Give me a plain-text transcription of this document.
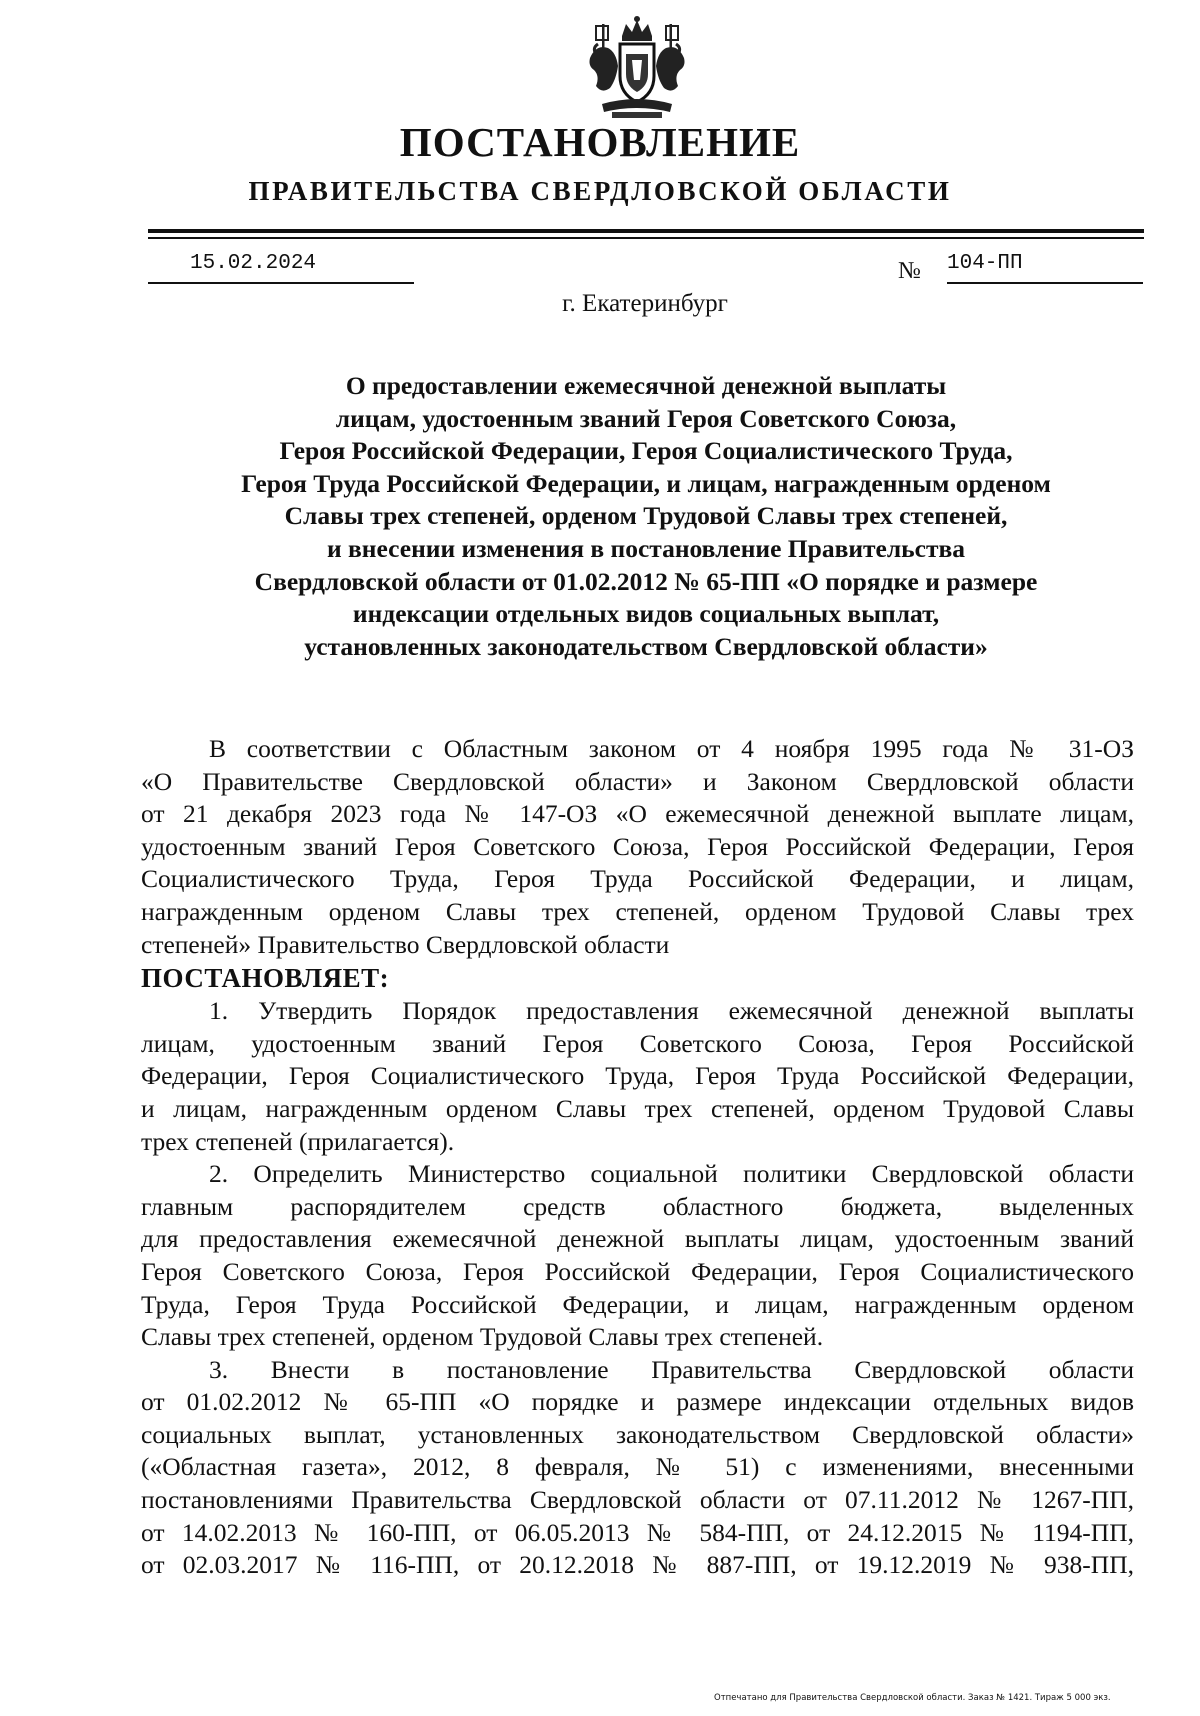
ПОСТАНОВЛЕНИЕ
ПРАВИТЕЛЬСТВА СВЕРДЛОВСКОЙ ОБЛАСТИ
15.02.2024	№ 104-ПП
г. Екатеринбург
О предоставлении ежемесячной денежной выплаты
лицам, удостоенным званий Героя Советского Союза,
Героя Российской Федерации, Героя Социалистического Труда,
Героя Труда Российской Федерации, и лицам, награжденным орденом
Славы трех степеней, орденом Трудовой Славы трех степеней,
и внесении изменения в постановление Правительства
Свердловской области от 01.02.2012 № 65-ПП «О порядке и размере
индексации отдельных видов социальных выплат,
установленных законодательством Свердловской области»
В соответствии с Областным законом от 4 ноября 1995 года № 31-ОЗ
«О Правительстве Свердловской области» и Законом Свердловской области
от 21 декабря 2023 года № 147-ОЗ «О ежемесячной денежной выплате лицам,
удостоенным званий Героя Советского Союза, Героя Российской Федерации, Героя
Социалистического Труда, Героя Труда Российской Федерации, и лицам,
награжденным орденом Славы трех степеней, орденом Трудовой Славы трех
степеней» Правительство Свердловской области
ПОСТАНОВЛЯЕТ:
1. Утвердить Порядок предоставления ежемесячной денежной выплаты
лицам, удостоенным званий Героя Советского Союза, Героя Российской
Федерации, Героя Социалистического Труда, Героя Труда Российской Федерации,
и лицам, награжденным орденом Славы трех степеней, орденом Трудовой Славы
трех степеней (прилагается).
2. Определить Министерство социальной политики Свердловской области
главным распорядителем средств областного бюджета, выделенных
для предоставления ежемесячной денежной выплаты лицам, удостоенным званий
Героя Советского Союза, Героя Российской Федерации, Героя Социалистического
Труда, Героя Труда Российской Федерации, и лицам, награжденным орденом
Славы трех степеней, орденом Трудовой Славы трех степеней.
3. Внести в постановление Правительства Свердловской области
от 01.02.2012 № 65-ПП «О порядке и размере индексации отдельных видов
социальных выплат, установленных законодательством Свердловской области»
(«Областная газета», 2012, 8 февраля, № 51) с изменениями, внесенными
постановлениями Правительства Свердловской области от 07.11.2012 № 1267-ПП,
от 14.02.2013 № 160-ПП, от 06.05.2013 № 584-ПП, от 24.12.2015 № 1194-ПП,
от 02.03.2017 № 116-ПП, от 20.12.2018 № 887-ПП, от 19.12.2019 № 938-ПП,
Отпечатано для Правительства Свердловской области. Заказ № 1421. Тираж 5 000 экз.
